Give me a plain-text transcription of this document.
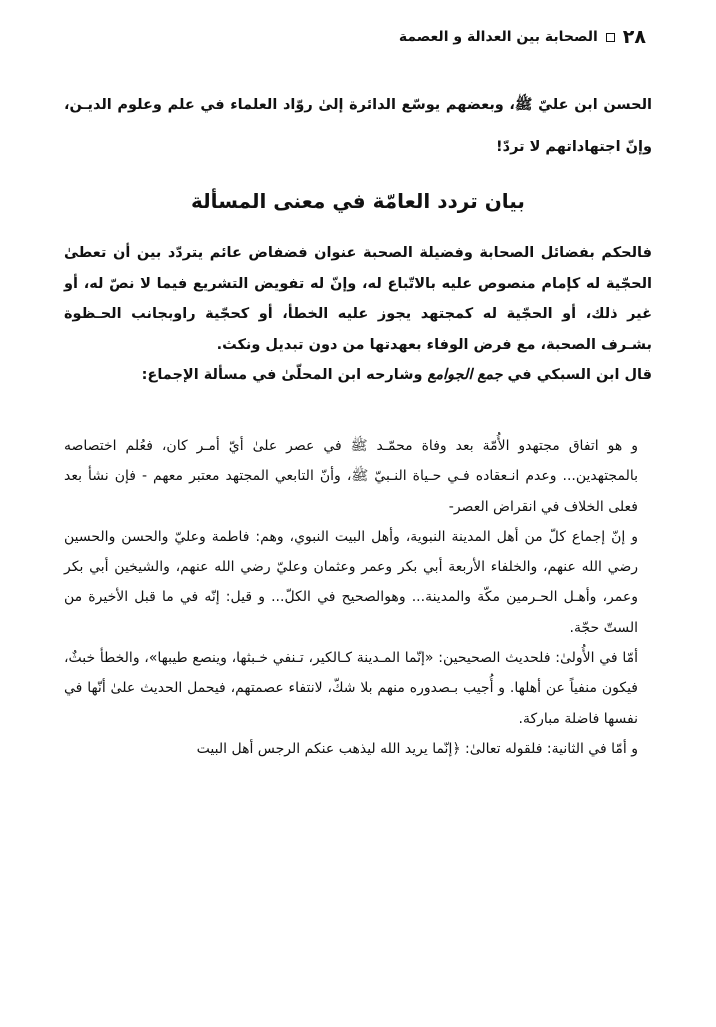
٢٨
الصحابة بين العدالة و العصمة
الحسن ابن عليّ ﷺ، وبعضهم يوسّع الدائرة إلىٰ روّاد العلماء في علم وعلوم الديـن، وإنّ اجتهاداتهم لا تردّ!
بيان تردد العامّة في معنى المسألة

فالحكم بفضائل الصحابة وفضيلة الصحبة عنوان فضفاض عائم يتردّد بين أن تعطىٰ الحجّية له كإمام منصوص عليه بالاتّباع له، وإنّ له تفويض التشريع فيما لا نصّ له، أو غير ذلك، أو الحجّية له كمجتهد يجوز عليه الخطأ، أو كحجّية راوبجانب الحـظوة بشـرف الصحبة، مع فرض الوفاء بعهدتها من دون تبديل ونكث.

قال ابن السبكي في جمع الجوامع وشارحه ابن المحلّىٰ في مسألة الإجماع:

و هو اتفاق مجتهدو الأُمّة بعد وفاة محمّـد ﷺ في عصر علىٰ أيّ أمـر كان، فعُلم اختصاصه بالمجتهدين... وعدم انـعقاده فـي حـياة النـبيّ ﷺ، وأنّ التابعي المجتهد معتبر معهم - فإن نشأ بعد فعلى الخلاف في انقراض العصر-

و إنّ إجماع كلّ من أهل المدينة النبوية، وأهل البيت النبوي، وهم: فاطمة وعليّ والحسن والحسين رضي الله عنهم، والخلفاء الأربعة أبي بكر وعمر وعثمان وعليّ رضي الله عنهم، والشيخين أبي بكر وعمر، وأهـل الحـرمين مكّة والمدينة... وهوالصحيح في الكلّ... و قيل: إنّه في ما قبل الأخيرة من الستّ حجّة.

أمّا في الأُولىٰ: فلحديث الصحيحين: «إنّما المـدينة كـالكير، تـنفي خـبثها، وينصع طيبها»، والخطأ خبثٌ، فيكون منفياً عن أهلها. و أُجيب بـصدوره منهم بلا شكّ، لانتفاء عصمتهم، فيحمل الحديث علىٰ أنّها في نفسها فاضلة مباركة.

و أمّا في الثانية: فلقوله تعالىٰ: ﴿إنّما يريد الله ليذهب عنكم الرجس أهل البيت
